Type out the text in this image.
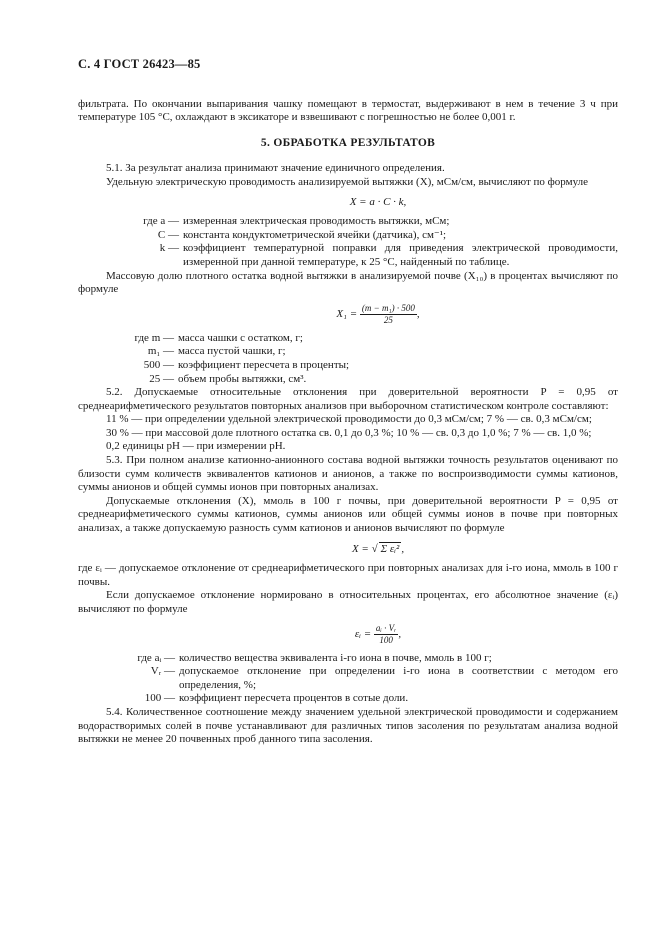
С. 4 ГОСТ 26423—85

фильтрата. По окончании выпаривания чашку помещают в термостат, выдерживают в нем в течение 3 ч при температуре 105 °С, охлаждают в эксикаторе и взвешивают с погрешностью не более 0,001 г.

5. ОБРАБОТКА РЕЗУЛЬТАТОВ

5.1. За результат анализа принимают значение единичного определения.

Удельную электрическую проводимость анализируемой вытяжки (X), мСм/см, вычисляют по формуле

X = a · C · k,
где a — измеренная электрическая проводимость вытяжки, мСм;
C — константа кондуктометрической ячейки (датчика), см⁻¹;
k — коэффициент температурной поправки для приведения электрической проводимости, измеренной при данной температуре, к 25 °С, найденный по таблице.

Массовую долю плотного остатка водной вытяжки в анализируемой почве (X₁₀) в процентах вычисляют по формуле

$X_1 = \frac{\text{(m − m₁) · 500}}{25}$ ,
где m — масса чашки с остатком, г;
m₁ — масса пустой чашки, г;
500 — коэффициент пересчета в проценты;
25 — объем пробы вытяжки, см³.

5.2. Допускаемые относительные отклонения при доверительной вероятности P = 0,95 от среднеарифметического результатов повторных анализов при выборочном статистическом контроле составляют:

11 % — при определении удельной электрической проводимости до 0,3 мСм/см; 7 % — св. 0,3 мСм/см;

30 % — при массовой доле плотного остатка св. 0,1 до 0,3 %; 10 % — св. 0,3 до 1,0 %; 7 % — св. 1,0 %;

0,2 единицы pH — при измерении pH.

5.3. При полном анализе катионно-анионного состава водной вытяжки точность результатов оценивают по близости сумм количеств эквивалентов катионов и анионов, а также по воспроизводимости суммы катионов, суммы анионов и общей суммы ионов при повторных анализах.

Допускаемые отклонения (X), ммоль в 100 г почвы, при доверительной вероятности P = 0,95 от среднеарифметического суммы катионов, суммы анионов или общей суммы ионов в почве при повторных анализах, а также допускаемую разность сумм катионов и анионов вычисляют по формуле

X = √ Σ εᵢ² ,

где εᵢ — допускаемое отклонение от среднеарифметического при повторных анализах для i-го иона, ммоль в 100 г почвы.

Если допускаемое отклонение нормировано в относительных процентах, его абсолютное значение (εᵢ) вычисляют по формуле

εᵢ = $\frac{\text{aᵢ · Vᵣ}}{100}$ ,
где aᵢ — количество вещества эквивалента i-го иона в почве, ммоль в 100 г;
Vᵣ — допускаемое отклонение при определении i-го иона в соответствии с методом его определения, %;
100 — коэффициент пересчета процентов в сотые доли.

5.4. Количественное соотношение между значением удельной электрической проводимости и содержанием водорастворимых солей в почве устанавливают для различных типов засоления по результатам анализа водной вытяжки не менее 20 почвенных проб данного типа засоления.
